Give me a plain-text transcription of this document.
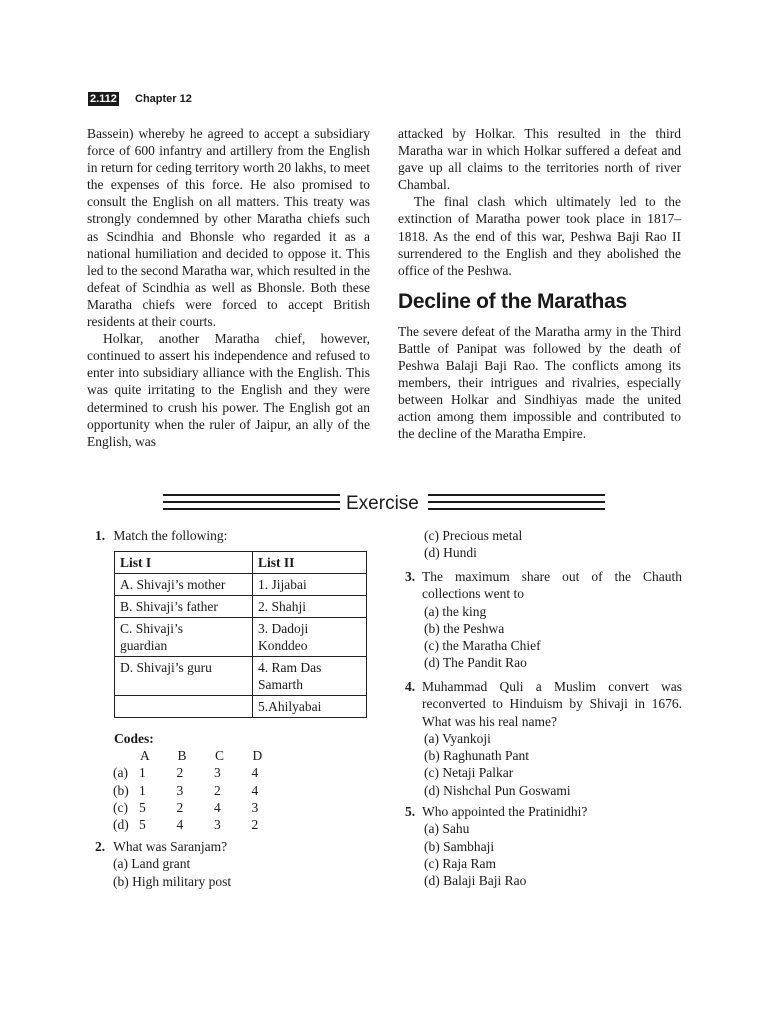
2.112 Chapter 12

Bassein) whereby he agreed to accept a subsidiary force of 600 infantry and artillery from the English in return for ceding territory worth 20 lakhs, to meet the expenses of this force. He also promised to consult the English on all matters. This treaty was strongly condemned by other Maratha chiefs such as Scindhia and Bhonsle who regarded it as a national humiliation and decided to oppose it. This led to the second Maratha war, which resulted in the defeat of Scindhia as well as Bhonsle. Both these Maratha chiefs were forced to accept British residents at their courts.

Holkar, another Maratha chief, however, continued to assert his independence and refused to enter into subsidiary alliance with the English. This was quite irritating to the English and they were determined to crush his power. The English got an opportunity when the ruler of Jaipur, an ally of the English, was

attacked by Holkar. This resulted in the third Maratha war in which Holkar suffered a defeat and gave up all claims to the territories north of river Chambal.

The final clash which ultimately led to the extinction of Maratha power took place in 1817–1818. As the end of this war, Peshwa Baji Rao II surrendered to the English and they abolished the office of the Peshwa.

Decline of the Marathas

The severe defeat of the Maratha army in the Third Battle of Panipat was followed by the death of Peshwa Balaji Baji Rao. The conflicts among its members, their intrigues and rivalries, especially between Holkar and Sindhiyas made the united action among them impossible and contributed to the decline of the Maratha Empire.

Exercise
1. Match the following:
List I	List II
A. Shivaji’s mother	1. Jijabai
B. Shivaji’s father	2. Shahji
C. Shivaji’s
guardian	3. Dadoji
Konddeo
D. Shivaji’s guru	4. Ram Das
Samarth
	5.Ahilyabai
Codes:
A	B	C	D
(a) 1	2	3	4
(b) 1	3	2	4
(c) 5	2	4	3
(d) 5	4	3	2
2. What was Saranjam?
(a) Land grant
(b) High military post
(c) Precious metal
(d) Hundi
3. The maximum share out of the Chauth collections went to
(a) the king
(b) the Peshwa
(c) the Maratha Chief
(d) The Pandit Rao
4. Muhammad Quli a Muslim convert was reconverted to Hinduism by Shivaji in 1676. What was his real name?
(a) Vyankoji
(b) Raghunath Pant
(c) Netaji Palkar
(d) Nishchal Pun Goswami
5. Who appointed the Pratinidhi?
(a) Sahu
(b) Sambhaji
(c) Raja Ram
(d) Balaji Baji Rao
